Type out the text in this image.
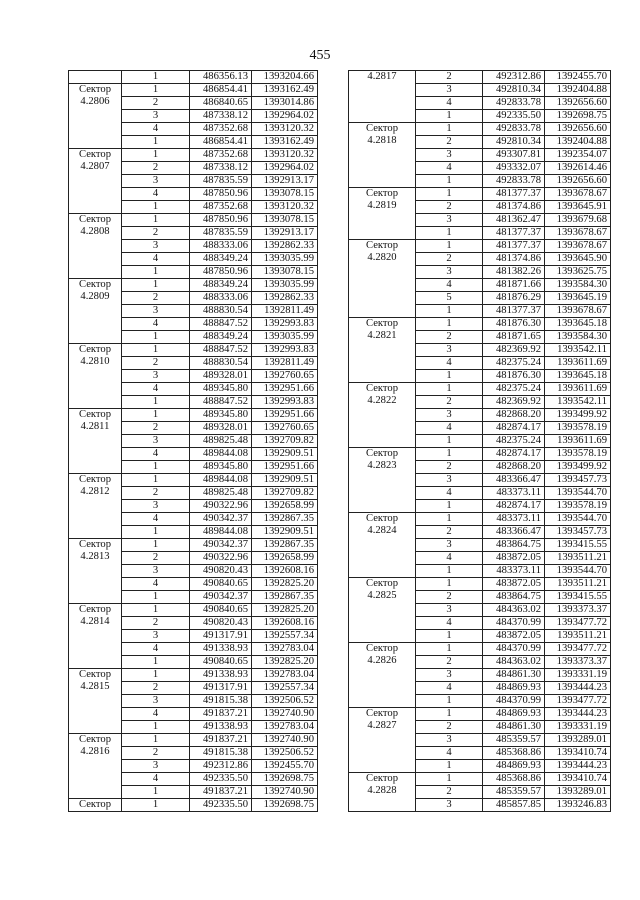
455
	1	486356.13	1393204.66
Сектор
4.2806	1	486854.41	1393162.49
	2	486840.65	1393014.86
	3	487338.12	1392964.02
	4	487352.68	1393120.32
	1	486854.41	1393162.49
Сектор
4.2807	1	487352.68	1393120.32
	2	487338.12	1392964.02
	3	487835.59	1392913.17
	4	487850.96	1393078.15
	1	487352.68	1393120.32
Сектор
4.2808	1	487850.96	1393078.15
	2	487835.59	1392913.17
	3	488333.06	1392862.33
	4	488349.24	1393035.99
	1	487850.96	1393078.15
Сектор
4.2809	1	488349.24	1393035.99
	2	488333.06	1392862.33
	3	488830.54	1392811.49
	4	488847.52	1392993.83
	1	488349.24	1393035.99
Сектор
4.2810	1	488847.52	1392993.83
	2	488830.54	1392811.49
	3	489328.01	1392760.65
	4	489345.80	1392951.66
	1	488847.52	1392993.83
Сектор
4.2811	1	489345.80	1392951.66
	2	489328.01	1392760.65
	3	489825.48	1392709.82
	4	489844.08	1392909.51
	1	489345.80	1392951.66
Сектор
4.2812	1	489844.08	1392909.51
	2	489825.48	1392709.82
	3	490322.96	1392658.99
	4	490342.37	1392867.35
	1	489844.08	1392909.51
Сектор
4.2813	1	490342.37	1392867.35
	2	490322.96	1392658.99
	3	490820.43	1392608.16
	4	490840.65	1392825.20
	1	490342.37	1392867.35
Сектор
4.2814	1	490840.65	1392825.20
	2	490820.43	1392608.16
	3	491317.91	1392557.34
	4	491338.93	1392783.04
	1	490840.65	1392825.20
Сектор
4.2815	1	491338.93	1392783.04
	2	491317.91	1392557.34
	3	491815.38	1392506.52
	4	491837.21	1392740.90
	1	491338.93	1392783.04
Сектор
4.2816	1	491837.21	1392740.90
	2	491815.38	1392506.52
	3	492312.86	1392455.70
	4	492335.50	1392698.75
	1	491837.21	1392740.90
Сектор	1	492335.50	1392698.75
4.2817	2	492312.86	1392455.70
	3	492810.34	1392404.88
	4	492833.78	1392656.60
	1	492335.50	1392698.75
Сектор
4.2818	1	492833.78	1392656.60
	2	492810.34	1392404.88
	3	493307.81	1392354.07
	4	493332.07	1392614.46
	1	492833.78	1392656.60
Сектор
4.2819	1	481377.37	1393678.67
	2	481374.86	1393645.91
	3	481362.47	1393679.68
	1	481377.37	1393678.67
Сектор
4.2820	1	481377.37	1393678.67
	2	481374.86	1393645.90
	3	481382.26	1393625.75
	4	481871.66	1393584.30
	5	481876.29	1393645.19
	1	481377.37	1393678.67
Сектор
4.2821	1	481876.30	1393645.18
	2	481871.65	1393584.30
	3	482369.92	1393542.11
	4	482375.24	1393611.69
	1	481876.30	1393645.18
Сектор
4.2822	1	482375.24	1393611.69
	2	482369.92	1393542.11
	3	482868.20	1393499.92
	4	482874.17	1393578.19
	1	482375.24	1393611.69
Сектор
4.2823	1	482874.17	1393578.19
	2	482868.20	1393499.92
	3	483366.47	1393457.73
	4	483373.11	1393544.70
	1	482874.17	1393578.19
Сектор
4.2824	1	483373.11	1393544.70
	2	483366.47	1393457.73
	3	483864.75	1393415.55
	4	483872.05	1393511.21
	1	483373.11	1393544.70
Сектор
4.2825	1	483872.05	1393511.21
	2	483864.75	1393415.55
	3	484363.02	1393373.37
	4	484370.99	1393477.72
	1	483872.05	1393511.21
Сектор
4.2826	1	484370.99	1393477.72
	2	484363.02	1393373.37
	3	484861.30	1393331.19
	4	484869.93	1393444.23
	1	484370.99	1393477.72
Сектор
4.2827	1	484869.93	1393444.23
	2	484861.30	1393331.19
	3	485359.57	1393289.01
	4	485368.86	1393410.74
	1	484869.93	1393444.23
Сектор
4.2828	1	485368.86	1393410.74
	2	485359.57	1393289.01
	3	485857.85	1393246.83
